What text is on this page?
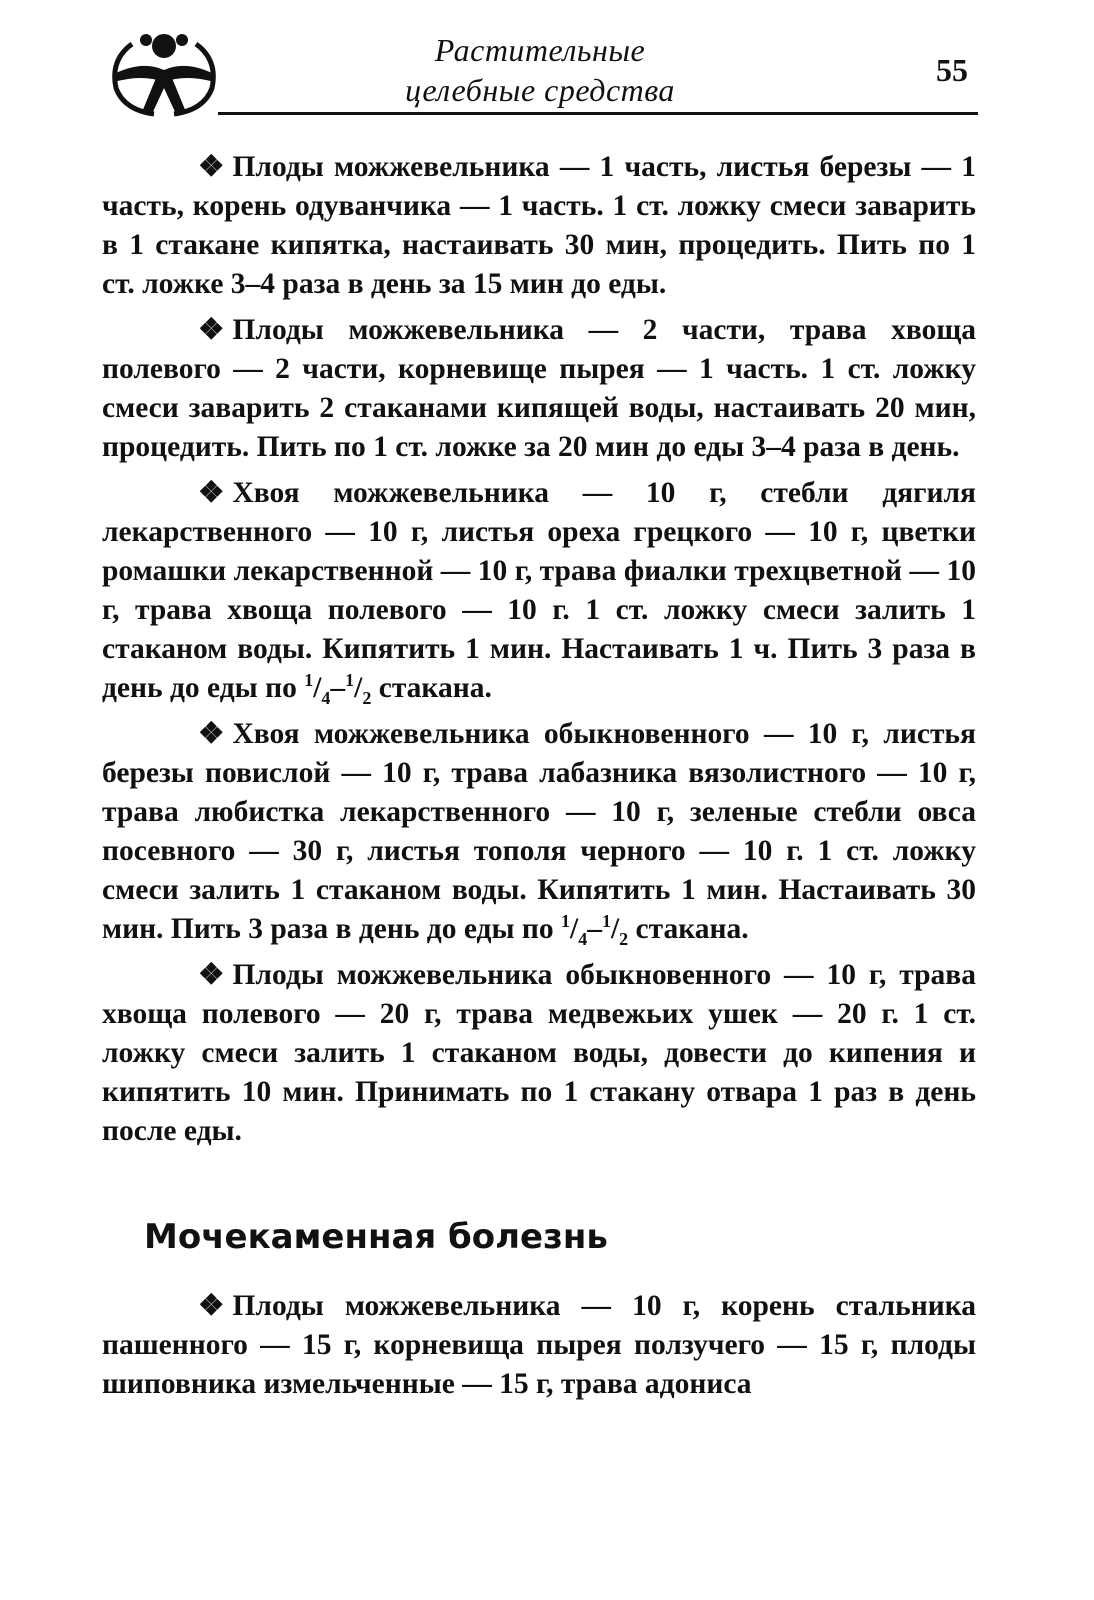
Растительные
целебные средства
55

❖ Плоды можжевельника — 1 часть, листья березы — 1 часть, корень одуванчика — 1 часть. 1 ст. ложку смеси заварить в 1 стакане кипятка, настаивать 30 мин, процедить. Пить по 1 ст. ложке 3–4 раза в день за 15 мин до еды.

❖ Плоды можжевельника — 2 части, трава хвоща полевого — 2 части, корневище пырея — 1 часть. 1 ст. ложку смеси заварить 2 стаканами кипящей воды, настаивать 20 мин, процедить. Пить по 1 ст. ложке за 20 мин до еды 3–4 раза в день.

❖ Хвоя можжевельника — 10 г, стебли дягиля лекарственного — 10 г, листья ореха грецкого — 10 г, цветки ромашки лекарственной — 10 г, трава фиалки трехцветной — 10 г, трава хвоща полевого — 10 г. 1 ст. ложку смеси залить 1 стаканом воды. Кипятить 1 мин. Настаивать 1 ч. Пить 3 раза в день до еды по $^1/_4-^1/_2$ стакана.

❖ Хвоя можжевельника обыкновенного — 10 г, листья березы повислой — 10 г, трава лабазника вязолистного — 10 г, трава любистка лекарственного — 10 г, зеленые стебли овса посевного — 30 г, листья тополя черного — 10 г. 1 ст. ложку смеси залить 1 стаканом воды. Кипятить 1 мин. Настаивать 30 мин. Пить 3 раза в день до еды по $^1/_4-^1/_2$ стакана.

❖ Плоды можжевельника обыкновенного — 10 г, трава хвоща полевого — 20 г, трава медвежьих ушек — 20 г. 1 ст. ложку смеси залить 1 стаканом воды, довести до кипения и кипятить 10 мин. Принимать по 1 стакану отвара 1 раз в день после еды.

Мочекаменная болезнь

❖ Плоды можжевельника — 10 г, корень стальника пашенного — 15 г, корневища пырея ползучего — 15 г, плоды шиповника измельченные — 15 г, трава адониса
